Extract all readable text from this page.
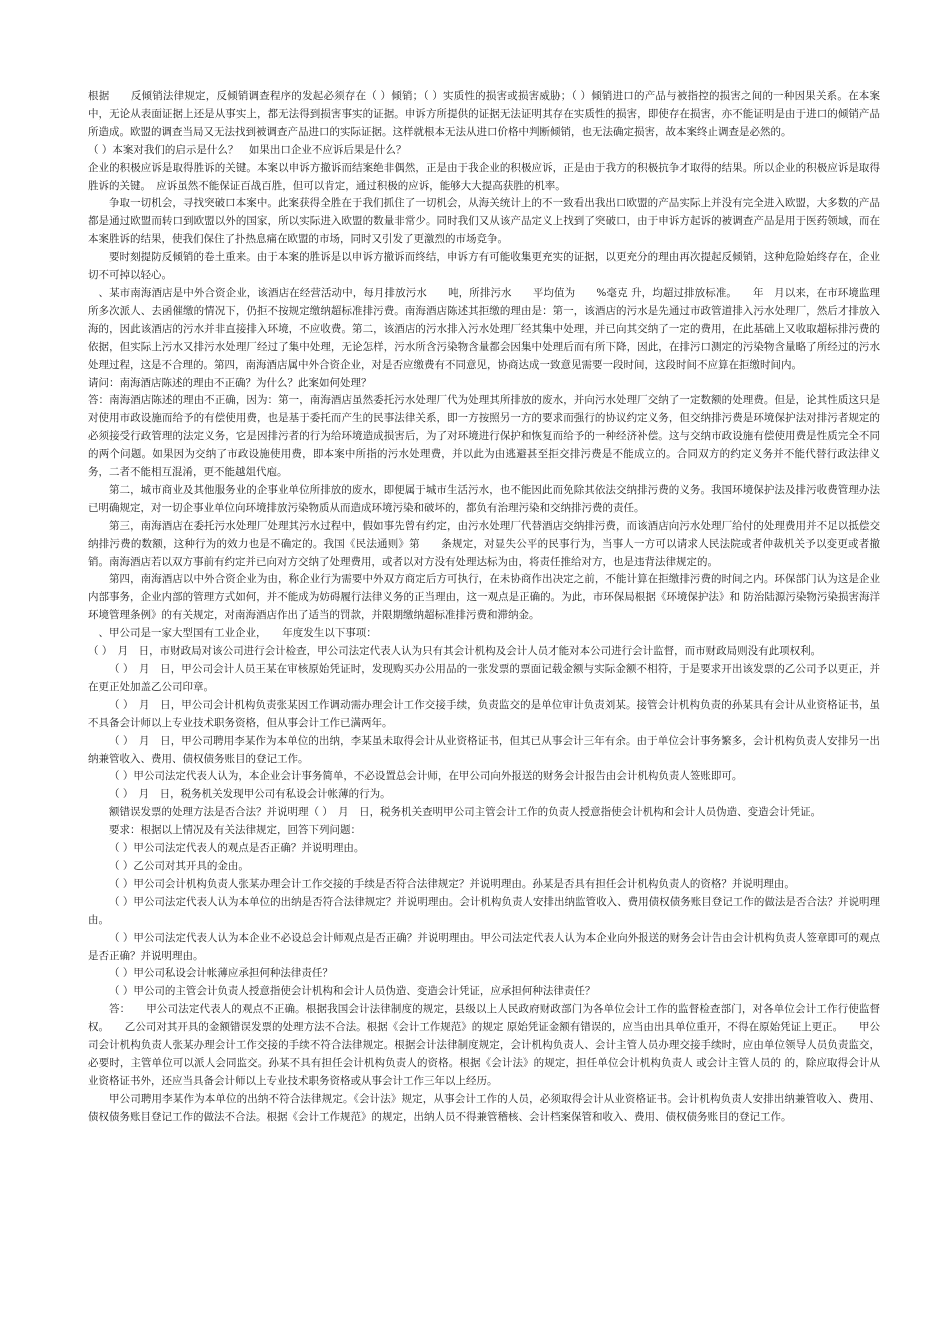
根据　　反倾销法律规定，反倾销调查程序的发起必须存在（ ）倾销；（ ）实质性的损害或损害威胁；（ ）倾销进口的产品与被指控的损害之间的一种因果关系。在本案中，无论从表面证据上还是从事实上，都无法得到损害事实的证据。申诉方所提供的证据无法证明其存在实质性的损害，即使存在损害，亦不能证明是由于进口的倾销产品所造成。欧盟的调查当局又无法找到被调查产品进口的实际证据。这样就根本无法从进口价格中判断倾销，也无法确定损害，故本案终止调查是必然的。

（ ）本案对我们的启示是什么？　如果出口企业不应诉后果是什么？

企业的积极应诉是取得胜诉的关键。本案以申诉方撤诉而结案绝非偶然，正是由于我企业的积极应诉，正是由于我方的积极抗争才取得的结果。所以企业的积极应诉是取得胜诉的关键。　应诉虽然不能保证百战百胜，但可以肯定，通过积极的应诉，能够大大提高获胜的机率。

争取一切机会，寻找突破口本案中。此案获得全胜在于我们抓住了一切机会，从海关统计上的不一致看出我出口欧盟的产品实际上并没有完全进入欧盟，大多数的产品都是通过欧盟而转口到欧盟以外的国家，所以实际进入欧盟的数量非常少。同时我们又从该产品定义上找到了突破口，由于申诉方起诉的被调查产品是用于医药领域，而在　本案胜诉的结果，使我们保住了扑热息痛在欧盟的市场，同时又引发了更激烈的市场竞争。

要时刻提防反倾销的卷土重来。由于本案的胜诉是以申诉方撤诉而终结，申诉方有可能收集更充实的证据，以更充分的理由再次提起反倾销，这种危险始终存在，企业切不可掉以轻心。

、某市南海酒店是中外合资企业，该酒店在经营活动中，每月排放污水　　吨，所排污水　　平均值为　　%毫克 升，均超过排放标准。　　年　月以来，在市环境监理所多次派人、去函催缴的情况下，仍拒不按规定缴纳超标准排污费。南海酒店陈述其拒缴的理由是：第一，该酒店的污水是先通过市政管道排入污水处理厂，然后才排放入海的，因此该酒店的污水并非直接排入环境，不应收费。第二，该酒店的污水排入污水处理厂经其集中处理，并已向其交纳了一定的费用，在此基础上又收取超标排污费的依据，但实际上污水又排污水处理厂经过了集中处理，无论怎样，污水所含污染物含量都会因集中处理后而有所下降，因此，在排污口测定的污染物含量略了所经过的污水处理过程，这是不合理的。第四，南海酒店属中外合资企业，对是否应缴费有不同意见，协商达成一致意见需要一段时间，这段时间不应算在拒缴时间内。

请问：南海酒店陈述的理由不正确？为什么？此案如何处理？

答：南海酒店陈述的理由不正确，因为：第一，南海酒店虽然委托污水处理厂代为处理其所排放的废水，并向污水处理厂交纳了一定数额的处理费。但是，论其性质这只是对使用市政设施而给予的有偿使用费，也是基于委托而产生的民事法律关系，即一方按照另一方的要求而强行的协议约定义务，但交纳排污费是环境保护法对排污者规定的必须接受行政管理的法定义务，它是因排污者的行为给环境造成损害后，为了对环境进行保护和恢复而给予的一种经济补偿。这与交纳市政设施有偿使用费是性质完全不同的两个问题。如果因为交纳了市政设施使用费，即本案中所指的污水处理费，并以此为由逃避甚至拒交排污费是不能成立的。合同双方的约定义务并不能代替行政法律义务，二者不能相互混淆，更不能越俎代庖。

第二，城市商业及其他服务业的企事业单位所排放的废水，即便属于城市生活污水，也不能因此而免除其依法交纳排污费的义务。我国环境保护法及排污收费管理办法已明确规定，对一切企事业单位向环境排放污染物质从而造成环境污染和破坏的，都负有治理污染和交纳排污费的责任。

第三，南海酒店在委托污水处理厂处理其污水过程中，假如事先曾有约定，由污水处理厂代替酒店交纳排污费，而该酒店向污水处理厂给付的处理费用并不足以抵偿交纳排污费的数额，这种行为的效力也是不确定的。我国《民法通则》第　　条规定，对显失公平的民事行为，当事人一方可以请求人民法院或者仲裁机关予以变更或者撤销。南海酒店若以双方事前有约定并已向对方交纳了处理费用，或者以对方没有处理达标为由，将责任推给对方，也是违背法律规定的。

第四，南海酒店以中外合资企业为由，称企业行为需要中外双方商定后方可执行，在未协商作出决定之前，不能计算在拒缴排污费的时间之内。环保部门认为这是企业内部事务，企业内部的管理方式如何，并不能成为妨碍履行法律义务的正当理由，这一观点是正确的。为此，市环保局根据《环境保护法》和 防治陆源污染物污染损害海洋环境管理条例》的有关规定，对南海酒店作出了适当的罚款，并限期缴纳超标准排污费和滞纳金。

、甲公司是一家大型国有工业企业，　　年度发生以下事项：

（ ）　月　日，市财政局对该公司进行会计检查，甲公司法定代表人认为只有其会计机构及会计人员才能对本公司进行会计监督，而市财政局则没有此项权利。

（ ）　月　日，甲公司会计人员王某在审核原始凭证时，发现购买办公用品的一张发票的票面记载金额与实际金额不相符，于是要求开出该发票的乙公司予以更正，并在更正处加盖乙公司印章。

（ ）　月　日，甲公司会计机构负责张某因工作调动需办理会计工作交接手续，负责监交的是单位审计负责刘某。接管会计机构负责的孙某具有会计从业资格证书，虽不具备会计师以上专业技术职务资格，但从事会计工作已满两年。

（ ）　月　日，甲公司聘用李某作为本单位的出纳，李某虽未取得会计从业资格证书，但其已从事会计三年有余。由于单位会计事务繁多，会计机构负责人安排另一出纳兼管收入、费用、债权债务账目的登记工作。

（ ）甲公司法定代表人认为，本企业会计事务简单，不必设置总会计师，在甲公司向外报送的财务会计报告由会计机构负责人签账即可。

（ ）　月　日，税务机关发现甲公司有私设会计帐薄的行为。

额错误发票的处理方法是否合法？并说明理（ ）　月　日，税务机关查明甲公司主管会计工作的负责人授意指使会计机构和会计人员伪造、变造会计凭证。

要求：根据以上情况及有关法律规定，回答下列问题：

（ ）甲公司法定代表人的观点是否正确？并说明理由。

（ ）乙公司对其开具的金由。

（ ）甲公司会计机构负责人张某办理会计工作交接的手续是否符合法律规定？并说明理由。孙某是否具有担任会计机构负责人的资格？并说明理由。

（ ）甲公司法定代表人认为本单位的出纳是否符合法律规定？并说明理由。会计机构负责人安排出纳监管收入、费用债权债务账目登记工作的做法是否合法？并说明理由。

（ ）甲公司法定代表人认为本企业不必设总会计师观点是否正确？并说明理由。甲公司法定代表人认为本企业向外报送的财务会计告由会计机构负责人签章即可的观点是否正确？并说明理由。

（ ）甲公司私设会计帐薄应承担何种法律责任？

（ ）甲公司的主管会计负责人授意指使会计机构和会计人员伪造、变造会计凭证，应承担何种法律责任？

答：　　甲公司法定代表人的观点不正确。根据我国会计法律制度的规定，县级以上人民政府财政部门为各单位会计工作的监督检查部门，对各单位会计工作行使监督权。　　乙公司对其开具的金额错误发票的处理方法不合法。根据《会计工作规范》的规定 原始凭证金额有错误的，应当由出具单位重开，不得在原始凭证上更正。　　甲公司会计机构负责人张某办理会计工作交接的手续不符合法律规定。根据会计法律制度规定，会计机构负责人、会计主管人员办理交接手续时，应由单位领导人员负责监交，必要时，主管单位可以派人会同监交。孙某不具有担任会计机构负责人的资格。根据《会计法》的规定，担任单位会计机构负责人 或会计主管人员的 的，除应取得会计从业资格证书外，还应当具备会计师以上专业技术职务资格或从事会计工作三年以上经历。

甲公司聘用李某作为本单位的出纳不符合法律规定。《会计法》规定，从事会计工作的人员，必须取得会计从业资格证书。会计机构负责人安排出纳兼管收入、费用、债权债务账目登记工作的做法不合法。根据《会计工作规范》的规定，出纳人员不得兼管稽核、会计档案保管和收入、费用、债权债务账目的登记工作。
